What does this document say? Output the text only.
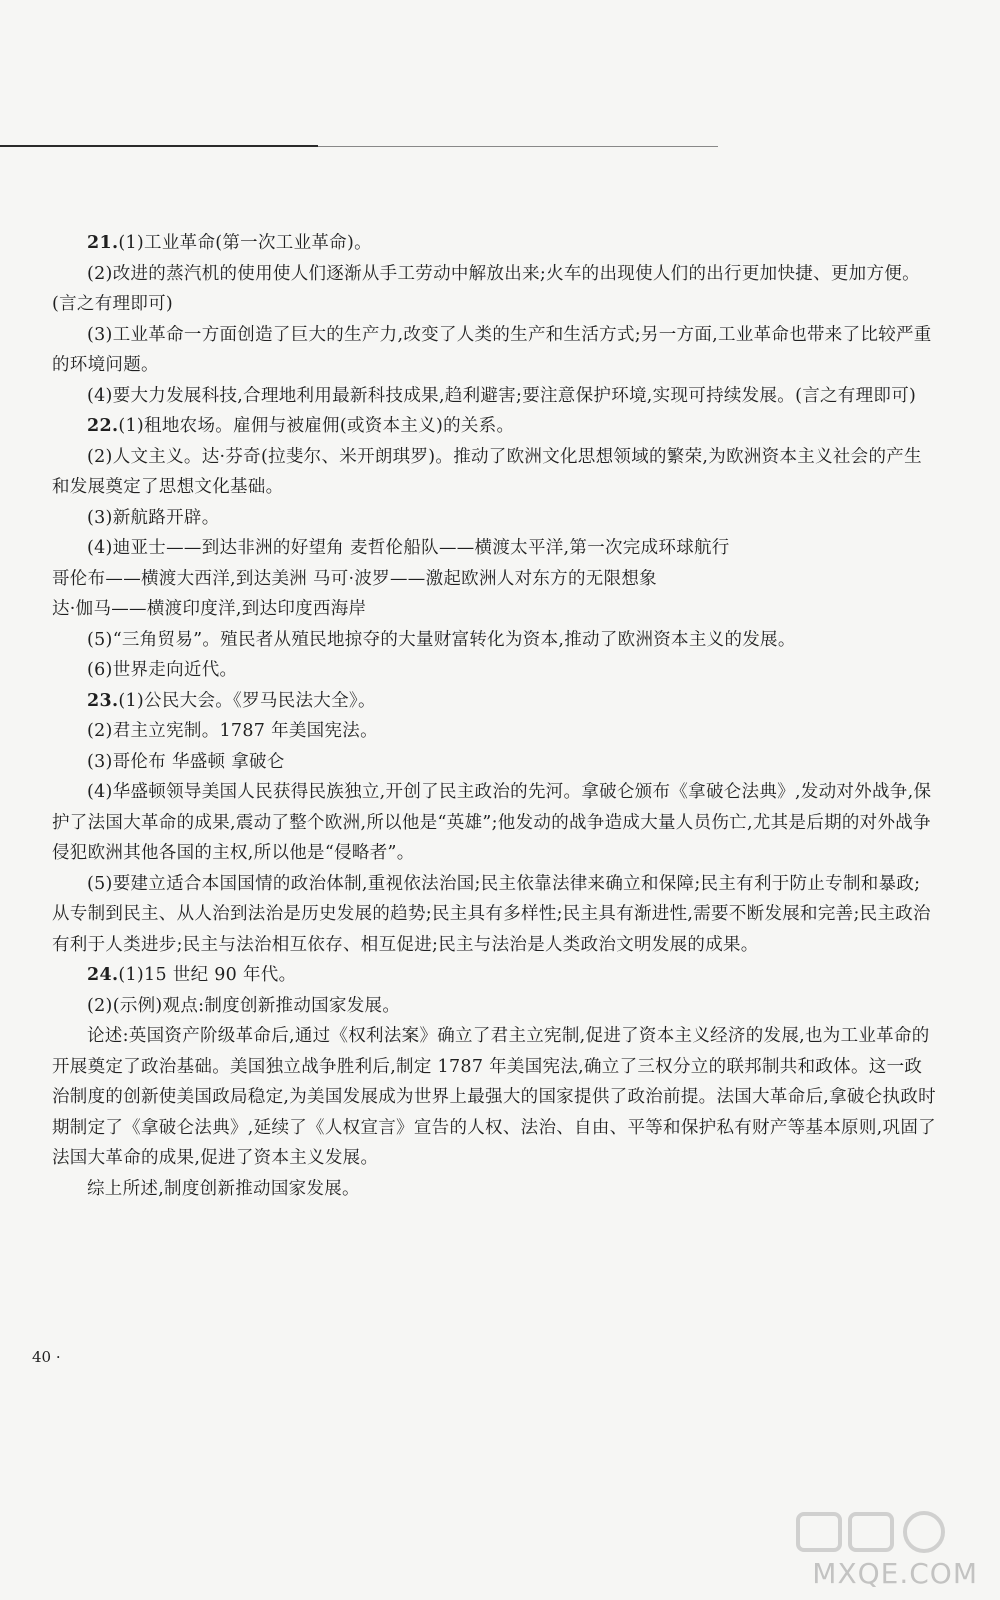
21.(1)工业革命(第一次工业革命)。

(2)改进的蒸汽机的使用使人们逐渐从手工劳动中解放出来;火车的出现使人们的出行更加快捷、更加方便。(言之有理即可)

(3)工业革命一方面创造了巨大的生产力,改变了人类的生产和生活方式;另一方面,工业革命也带来了比较严重的环境问题。

(4)要大力发展科技,合理地利用最新科技成果,趋利避害;要注意保护环境,实现可持续发展。(言之有理即可)

22.(1)租地农场。雇佣与被雇佣(或资本主义)的关系。

(2)人文主义。达·芬奇(拉斐尔、米开朗琪罗)。推动了欧洲文化思想领域的繁荣,为欧洲资本主义社会的产生和发展奠定了思想文化基础。

(3)新航路开辟。

(4)迪亚士——到达非洲的好望角 麦哲伦船队——横渡太平洋,第一次完成环球航行

哥伦布——横渡大西洋,到达美洲 马可·波罗——激起欧洲人对东方的无限想象

达·伽马——横渡印度洋,到达印度西海岸

(5)“三角贸易”。殖民者从殖民地掠夺的大量财富转化为资本,推动了欧洲资本主义的发展。

(6)世界走向近代。

23.(1)公民大会。《罗马民法大全》。

(2)君主立宪制。1787 年美国宪法。

(3)哥伦布 华盛顿 拿破仑

(4)华盛顿领导美国人民获得民族独立,开创了民主政治的先河。拿破仑颁布《拿破仑法典》,发动对外战争,保护了法国大革命的成果,震动了整个欧洲,所以他是“英雄”;他发动的战争造成大量人员伤亡,尤其是后期的对外战争侵犯欧洲其他各国的主权,所以他是“侵略者”。

(5)要建立适合本国国情的政治体制,重视依法治国;民主依靠法律来确立和保障;民主有利于防止专制和暴政;从专制到民主、从人治到法治是历史发展的趋势;民主具有多样性;民主具有渐进性,需要不断发展和完善;民主政治有利于人类进步;民主与法治相互依存、相互促进;民主与法治是人类政治文明发展的成果。

24.(1)15 世纪 90 年代。

(2)(示例)观点:制度创新推动国家发展。

论述:英国资产阶级革命后,通过《权利法案》确立了君主立宪制,促进了资本主义经济的发展,也为工业革命的开展奠定了政治基础。美国独立战争胜利后,制定 1787 年美国宪法,确立了三权分立的联邦制共和政体。这一政治制度的创新使美国政局稳定,为美国发展成为世界上最强大的国家提供了政治前提。法国大革命后,拿破仑执政时期制定了《拿破仑法典》,延续了《人权宣言》宣告的人权、法治、自由、平等和保护私有财产等基本原则,巩固了法国大革命的成果,促进了资本主义发展。

综上所述,制度创新推动国家发展。

40 ·
MXQE.COM
